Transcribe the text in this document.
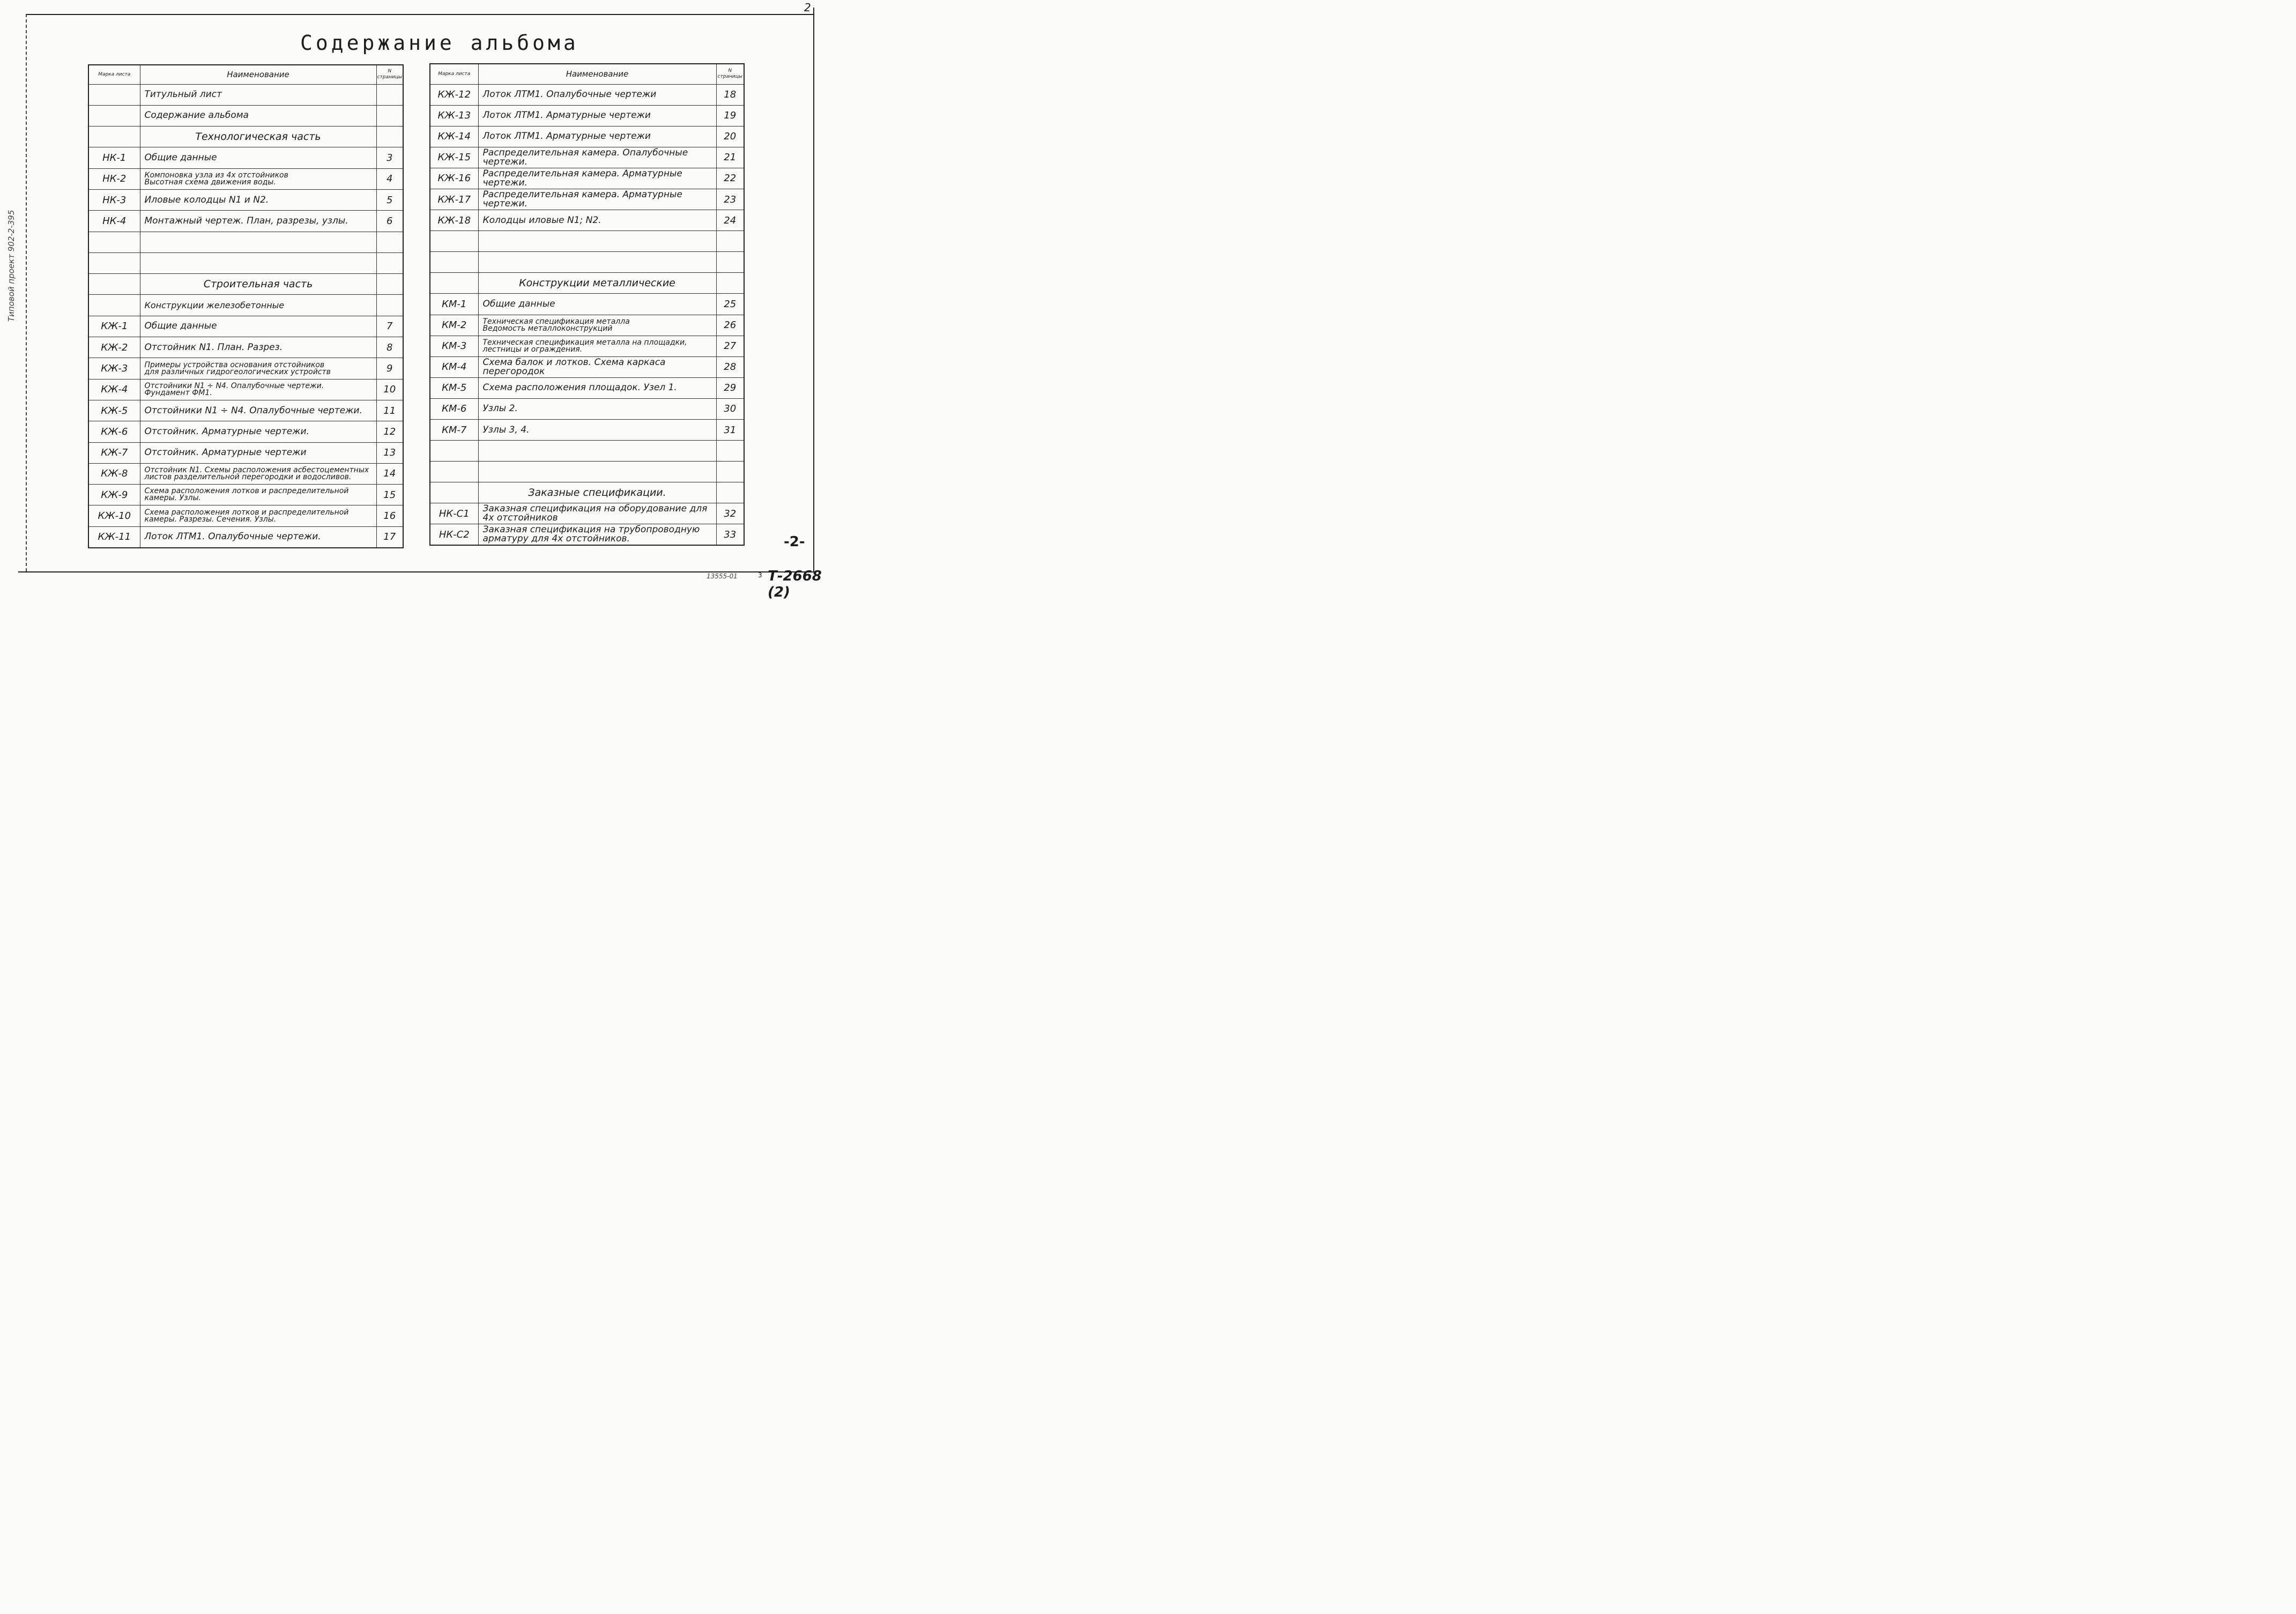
2
Содержание альбома
Типовой проект 902-2-395
-2-
13555-01	3 Т-2668 (2)
Марка листа	Наименование	N страницы
	Титульный лист	
	Содержание альбома	
	Технологическая часть	
НК-1	Общие данные	3
НК-2	Компоновка узла из 4х отстойников
Высотная схема движения воды.	4
НК-3	Иловые колодцы N1 и N2.	5
НК-4	Монтажный чертеж. План, разрезы, узлы.	6

	Строительная часть	
	Конструкции железобетонные	
КЖ-1	Общие данные	7
КЖ-2	Отстойник N1. План. Разрез.	8
КЖ-3	Примеры устройства основания отстойников
для различных гидрогеологических устройств	9
КЖ-4	Отстойники N1 ÷ N4. Опалубочные чертежи.
Фундамент ФМ1.	10
КЖ-5	Отстойники N1 ÷ N4. Опалубочные чертежи.	11
КЖ-6	Отстойник. Арматурные чертежи.	12
КЖ-7	Отстойник. Арматурные чертежи	13
КЖ-8	Отстойник N1. Схемы расположения асбестоцементных
листов разделительной перегородки и водосливов.	14
КЖ-9	Схема расположения лотков и распределительной
камеры. Узлы.	15
КЖ-10	Схема расположения лотков и распределительной
камеры. Разрезы. Сечения. Узлы.	16
КЖ-11	Лоток ЛТМ1. Опалубочные чертежи.	17
Марка листа	Наименование	N страницы
КЖ-12	Лоток ЛТМ1. Опалубочные чертежи	18
КЖ-13	Лоток ЛТМ1. Арматурные чертежи	19
КЖ-14	Лоток ЛТМ1. Арматурные чертежи	20
КЖ-15	Распределительная камера. Опалубочные чертежи.	21
КЖ-16	Распределительная камера. Арматурные чертежи.	22
КЖ-17	Распределительная камера. Арматурные чертежи.	23
КЖ-18	Колодцы иловые N1; N2.	24

	Конструкции металлические	
КМ-1	Общие данные	25
КМ-2	Техническая спецификация металла
Ведомость металлоконструкций	26
КМ-3	Техническая спецификация металла на площадки,
лестницы и ограждения.	27
КМ-4	Схема балок и лотков. Схема каркаса перегородок	28
КМ-5	Схема расположения площадок. Узел 1.	29
КМ-6	Узлы 2.	30
КМ-7	Узлы 3, 4.	31

	Заказные спецификации.	
НК-С1	Заказная спецификация на оборудование для 4х отстойников	32
НК-С2	Заказная спецификация на трубопроводную арматуру для 4х отстойников.	33
